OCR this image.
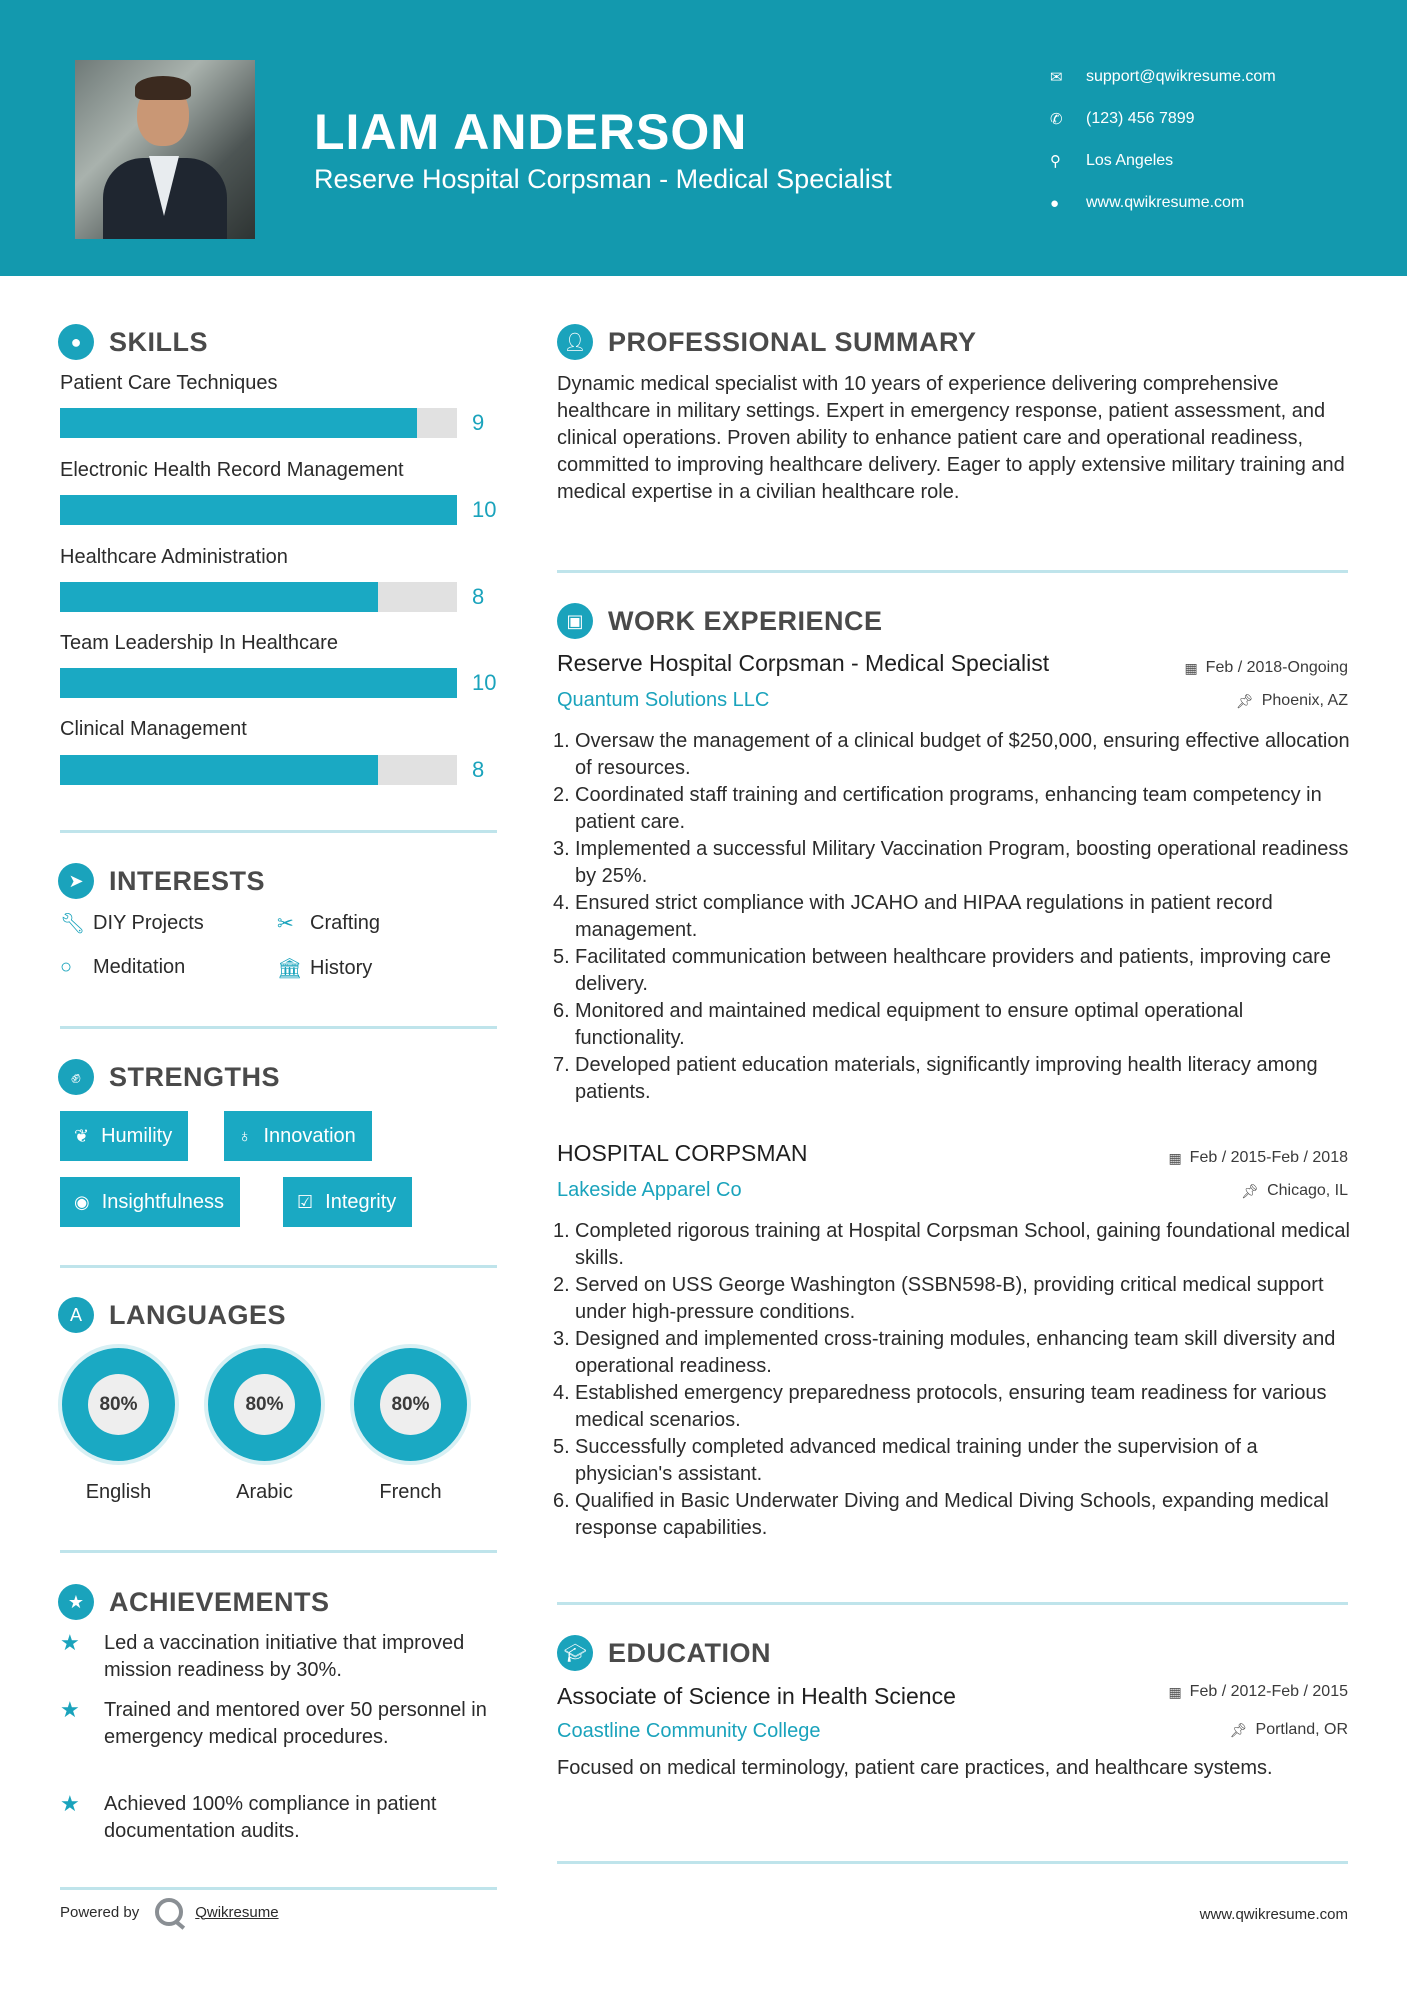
LIAM ANDERSON
Reserve Hospital Corpsman - Medical Specialist
✉	support@qwikresume.com
✆	(123) 456 7899
⚲	Los Angeles
●	www.qwikresume.com
●	SKILLS
Patient Care Techniques
9
Electronic Health Record Management
10
Healthcare Administration
8
Team Leadership In Healthcare
10
Clinical Management
8
➤ INTERESTS
🔧︎ DIY Projects	✂ Crafting
○	Meditation	🏛︎ History
✊︎	STRENGTHS
❦ Humility	♁ Innovation
◉ Insightfulness	☑ Integrity
A	LANGUAGES
80%
English
80%
Arabic
80%
French
★ ACHIEVEMENTS
★	Led a vaccination initiative that improved mission readiness by 30%.
★	Trained and mentored over 50 personnel in emergency medical procedures.
★	Achieved 100% compliance in patient documentation audits.
👤︎ PROFESSIONAL SUMMARY
Dynamic medical specialist with 10 years of experience delivering comprehensive healthcare in military settings. Expert in emergency response, patient assessment, and clinical operations. Proven ability to enhance patient care and operational readiness, committed to improving healthcare delivery. Eager to apply extensive military training and medical expertise in a civilian healthcare role.
▣ WORK EXPERIENCE
Reserve Hospital Corpsman - Medical Specialist	▦ Feb / 2018-Ongoing
Quantum Solutions LLC	📌︎ Phoenix, AZ
1. Oversaw the management of a clinical budget of $250,000, ensuring effective allocation of resources.
2. Coordinated staff training and certification programs, enhancing team competency in patient care.
3. Implemented a successful Military Vaccination Program, boosting operational readiness by 25%.
4. Ensured strict compliance with JCAHO and HIPAA regulations in patient record management.
5. Facilitated communication between healthcare providers and patients, improving care delivery.
6. Monitored and maintained medical equipment to ensure optimal operational functionality.
7. Developed patient education materials, significantly improving health literacy among patients.
HOSPITAL CORPSMAN	▦ Feb / 2015-Feb / 2018
Lakeside Apparel Co	📌︎ Chicago, IL
1. Completed rigorous training at Hospital Corpsman School, gaining foundational medical skills.
2. Served on USS George Washington (SSBN598-B), providing critical medical support under high-pressure conditions.
3. Designed and implemented cross-training modules, enhancing team skill diversity and operational readiness.
4. Established emergency preparedness protocols, ensuring team readiness for various medical scenarios.
5. Successfully completed advanced medical training under the supervision of a physician's assistant.
6. Qualified in Basic Underwater Diving and Medical Diving Schools, expanding medical response capabilities.
🎓︎ EDUCATION
Associate of Science in Health Science	▦ Feb / 2012-Feb / 2015
Coastline Community College	📌︎ Portland, OR
Focused on medical terminology, patient care practices, and healthcare systems.
Powered by	Qwikresume	www.qwikresume.com
